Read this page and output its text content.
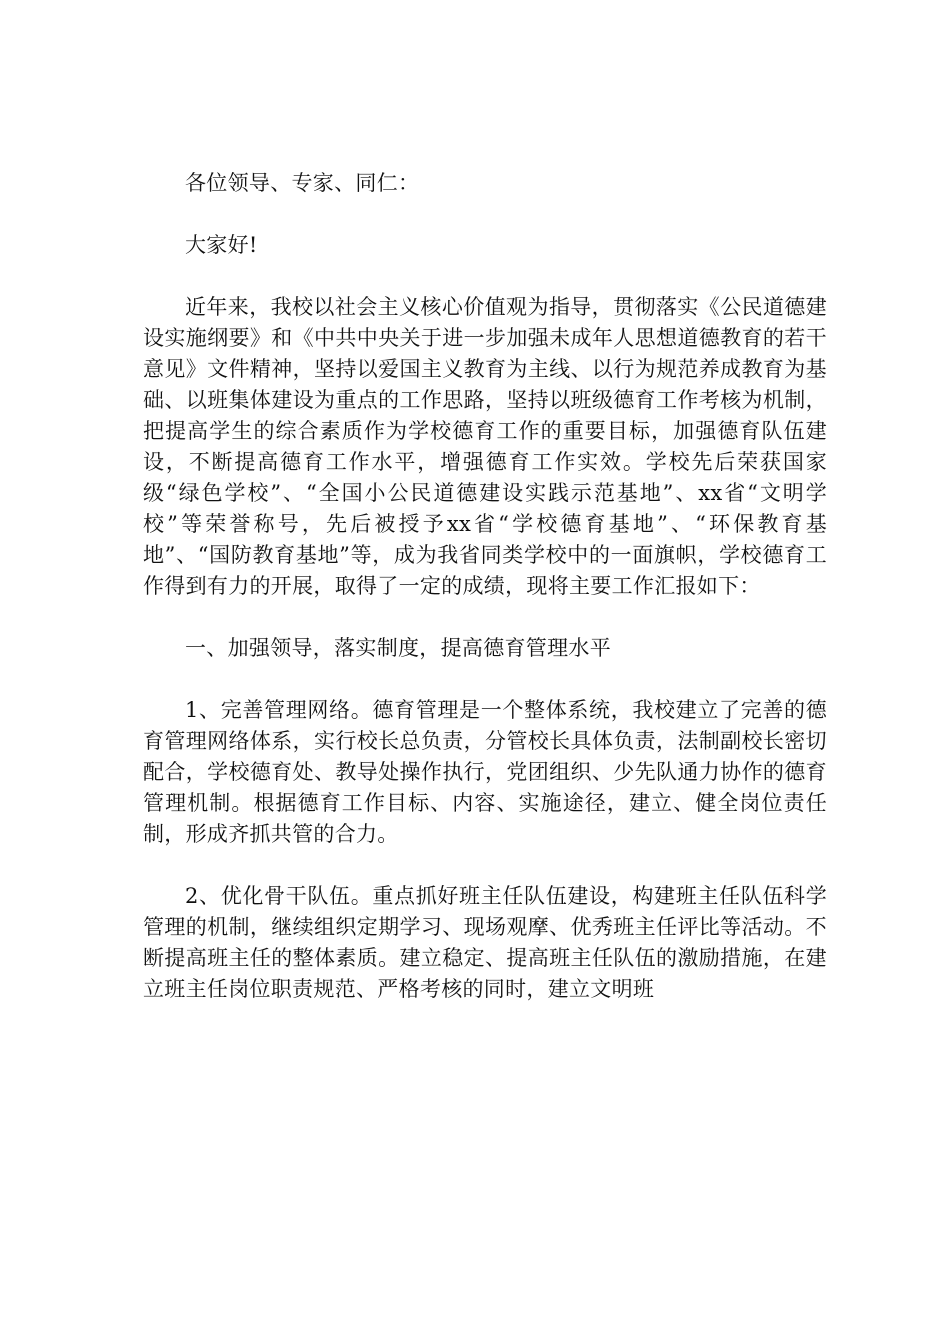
各位领导、专家、同仁：

大家好!

近年来，我校以社会主义核心价值观为指导，贯彻落实《公民道德建设实施纲要》和《中共中央关于进一步加强未成年人思想道德教育的若干意见》文件精神，坚持以爱国主义教育为主线、以行为规范养成教育为基础、以班集体建设为重点的工作思路，坚持以班级德育工作考核为机制，把提高学生的综合素质作为学校德育工作的重要目标，加强德育队伍建设，不断提高德育工作水平，增强德育工作实效。学校先后荣获国家级“绿色学校”、“全国小公民道德建设实践示范基地”、xx省“文明学校”等荣誉称号，先后被授予xx省“学校德育基地”、“环保教育基地”、“国防教育基地”等，成为我省同类学校中的一面旗帜，学校德育工作得到有力的开展，取得了一定的成绩，现将主要工作汇报如下：

一、加强领导，落实制度，提高德育管理水平

1、完善管理网络。德育管理是一个整体系统，我校建立了完善的德育管理网络体系，实行校长总负责，分管校长具体负责，法制副校长密切配合，学校德育处、教导处操作执行，党团组织、少先队通力协作的德育管理机制。根据德育工作目标、内容、实施途径，建立、健全岗位责任制，形成齐抓共管的合力。

2、优化骨干队伍。重点抓好班主任队伍建设，构建班主任队伍科学管理的机制，继续组织定期学习、现场观摩、优秀班主任评比等活动。不断提高班主任的整体素质。建立稳定、提高班主任队伍的激励措施，在建立班主任岗位职责规范、严格考核的同时，建立文明班
